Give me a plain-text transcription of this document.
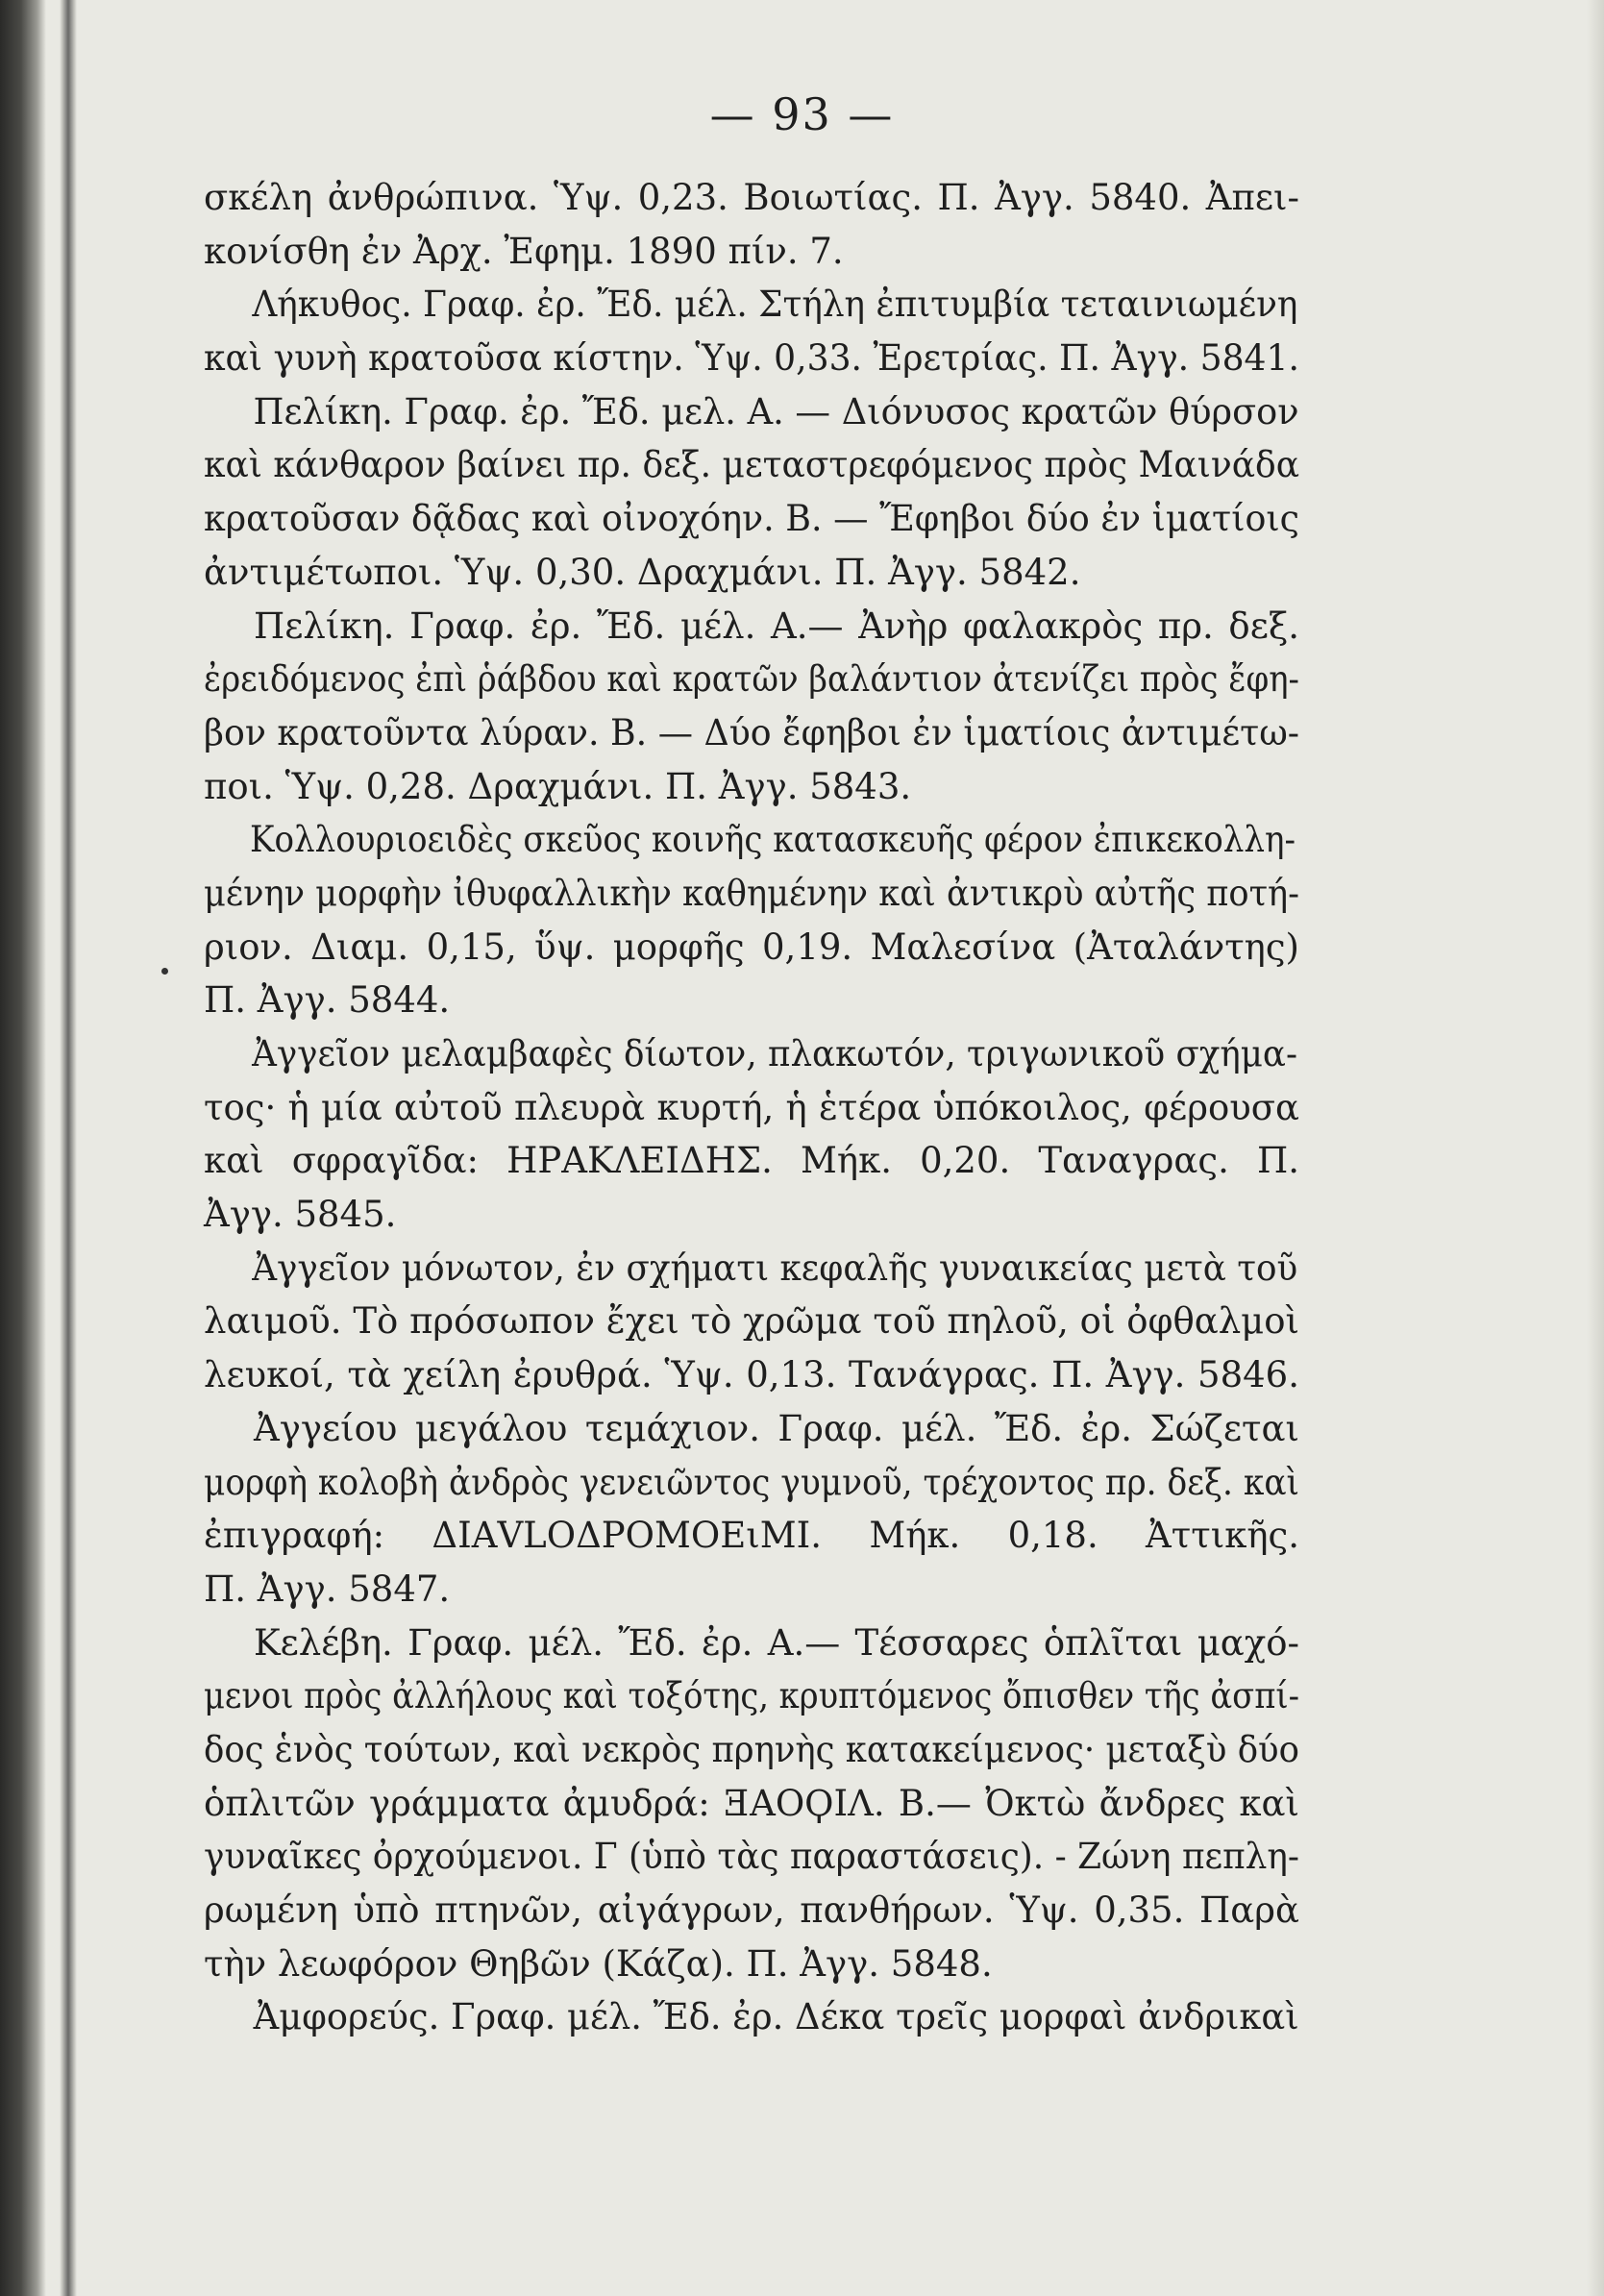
— 93 —
σκέλη ἀνθρώπινα. Ὑψ. 0,23. Βοιωτίας. Π. Ἀγγ. 5840. Ἀπει-
κονίσθη ἐν Ἀρχ. Ἐφημ. 1890 πίν. 7.
Λήκυθος. Γραφ. ἐρ. Ἔδ. μέλ. Στήλη ἐπιτυμβία τεταινιωμένη
καὶ γυνὴ κρατοῦσα κίστην. Ὑψ. 0,33. Ἐρετρίας. Π. Ἀγγ. 5841.
Πελίκη. Γραφ. ἐρ. Ἔδ. μελ. Α. — Διόνυσος κρατῶν θύρσον
καὶ κάνθαρον βαίνει πρ. δεξ. μεταστρεφόμενος πρὸς Μαινάδα
κρατοῦσαν δᾷδας καὶ οἰνοχόην. Β. — Ἔφηβοι δύο ἐν ἱματίοις
ἀντιμέτωποι. Ὑψ. 0,30. Δραχμάνι. Π. Ἀγγ. 5842.
Πελίκη. Γραφ. ἐρ. Ἔδ. μέλ. Α.— Ἀνὴρ φαλακρὸς πρ. δεξ.
ἐρειδόμενος ἐπὶ ῥάβδου καὶ κρατῶν βαλάντιον ἀτενίζει πρὸς ἔφη-
βον κρατοῦντα λύραν. Β. — Δύο ἔφηβοι ἐν ἱματίοις ἀντιμέτω-
ποι. Ὑψ. 0,28. Δραχμάνι. Π. Ἀγγ. 5843.
Κολλουριοειδὲς σκεῦος κοινῆς κατασκευῆς φέρον ἐπικεκολλη-
μένην μορφὴν ἰθυφαλλικὴν καθημένην καὶ ἀντικρὺ αὐτῆς ποτή-
ριον. Διαμ. 0,15, ὕψ. μορφῆς 0,19. Μαλεσίνα (Ἀταλάντης)
Π. Ἀγγ. 5844.
Ἀγγεῖον μελαμβαφὲς δίωτον, πλακωτόν, τριγωνικοῦ σχήμα-
τος· ἡ μία αὐτοῦ πλευρὰ κυρτή, ἡ ἑτέρα ὑπόκοιλος, φέρουσα
καὶ σφραγῖδα: ΗΡΑΚΛΕΙΔΗΣ. Μήκ. 0,20. Ταναγρας. Π.
Ἀγγ. 5845.
Ἀγγεῖον μόνωτον, ἐν σχήματι κεφαλῆς γυναικείας μετὰ τοῦ
λαιμοῦ. Τὸ πρόσωπον ἔχει τὸ χρῶμα τοῦ πηλοῦ, οἱ ὀφθαλμοὶ
λευκοί, τὰ χείλη ἐρυθρά. Ὑψ. 0,13. Τανάγρας. Π. Ἀγγ. 5846.
Ἀγγείου μεγάλου τεμάχιον. Γραφ. μέλ. Ἔδ. ἐρ. Σώζεται
μορφὴ κολοβὴ ἀνδρὸς γενειῶντος γυμνοῦ, τρέχοντος πρ. δεξ. καὶ
ἐπιγραφή: ΔΙΑVLΟΔΡΟΜΟΕιΜΙ. Μήκ. 0,18. Ἀττικῆς.
Π. Ἀγγ. 5847.
Κελέβη. Γραφ. μέλ. Ἔδ. ἐρ. Α.— Τέσσαρες ὁπλῖται μαχό-
μενοι πρὸς ἀλλήλους καὶ τοξότης, κρυπτόμενος ὄπισθεν τῆς ἀσπί-
δος ἑνὸς τούτων, καὶ νεκρὸς πρηνὴς κατακείμενος· μεταξὺ δύο
ὁπλιτῶν γράμματα ἀμυδρά: ƎΑΟϘΙΛ. Β.— Ὀκτὼ ἄνδρες καὶ
γυναῖκες ὀρχούμενοι. Γ (ὑπὸ τὰς παραστάσεις). - Ζώνη πεπλη-
ρωμένη ὑπὸ πτηνῶν, αἰγάγρων, πανθήρων. Ὑψ. 0,35. Παρὰ
τὴν λεωφόρον Θηβῶν (Κάζα). Π. Ἀγγ. 5848.
Ἀμφορεύς. Γραφ. μέλ. Ἔδ. ἐρ. Δέκα τρεῖς μορφαὶ ἀνδρικαὶ
